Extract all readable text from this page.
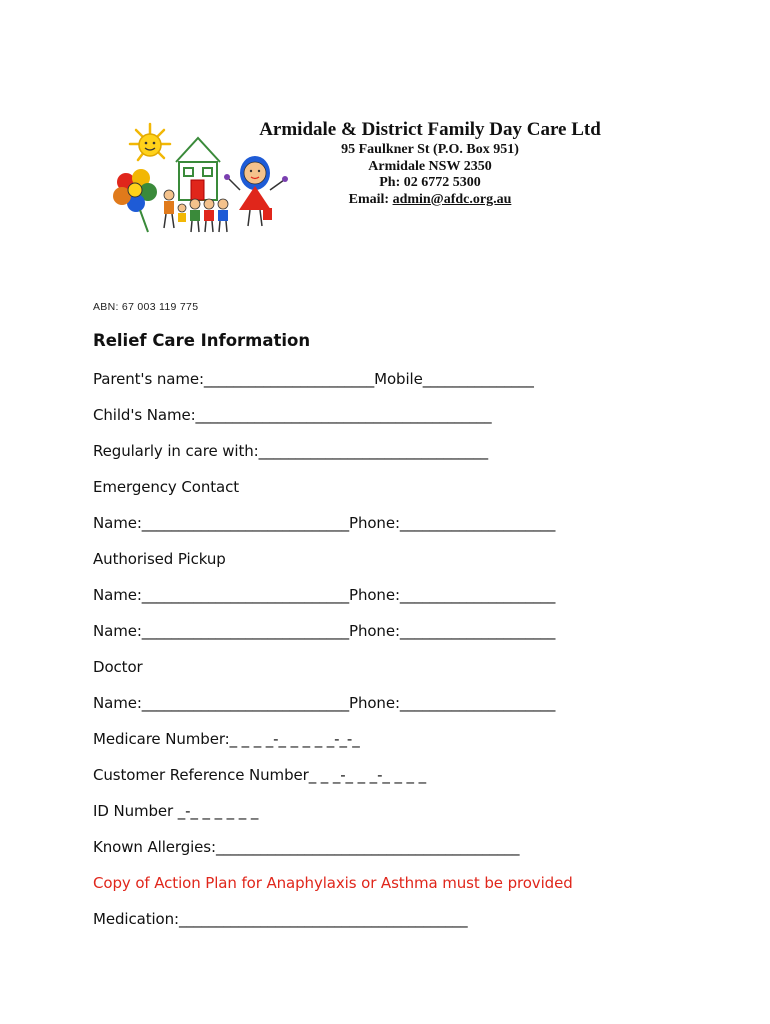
Armidale & District Family Day Care Ltd
95 Faulkner St (P.O. Box 951)
Armidale NSW 2350
Ph: 02 6772 5300
Email: admin@afdc.org.au
ABN: 67 003 119 775
Relief Care Information
Parent's name:_______________________Mobile_______________
Child's Name:________________________________________
Regularly in care with:_______________________________
Emergency Contact
Name:____________________________Phone:_____________________
Authorised Pickup
Name:____________________________Phone:_____________________
Name:____________________________Phone:_____________________
Doctor
Name:____________________________Phone:_____________________
Medicare Number:_ _ _ _-_ _ _ _ _-_-_
Customer Reference Number_ _ _-_ _ _-_ _ _ _
ID Number _-_ _ _ _ _ _
Known Allergies:_________________________________________
Copy of Action Plan for Anaphylaxis or Asthma must be provided
Medication:_______________________________________
